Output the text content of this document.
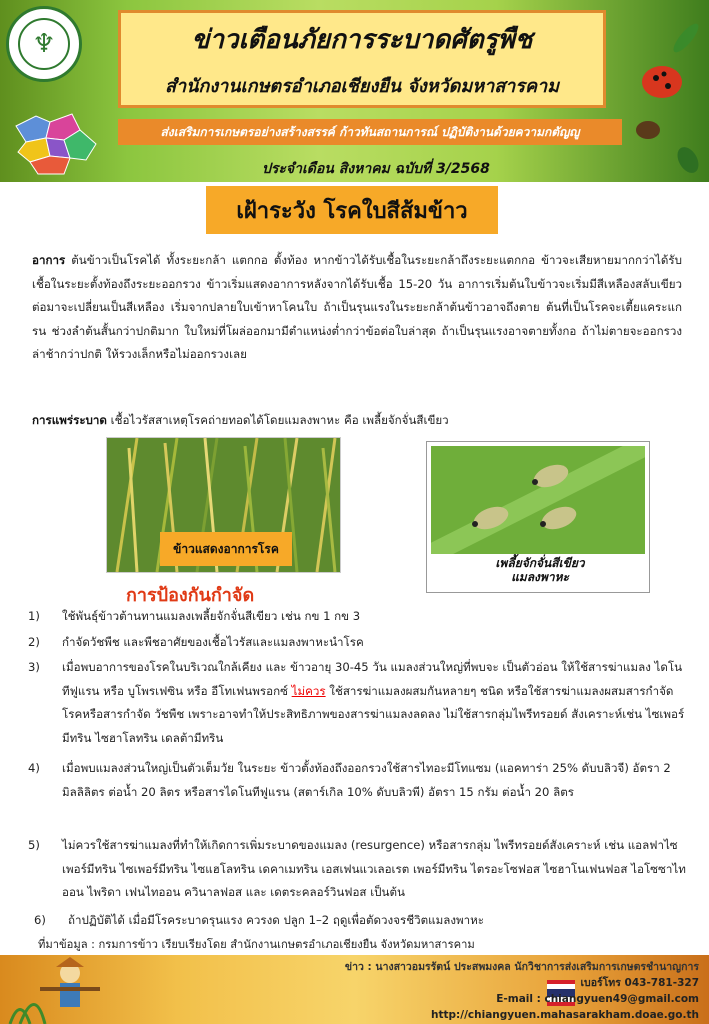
♆	ข่าวเตือนภัยการระบาดศัตรูพืช
สำนักงานเกษตรอำเภอเชียงยืน จังหวัดมหาสารคาม
ส่งเสริมการเกษตรอย่างสร้างสรรค์ ก้าวทันสถานการณ์ ปฏิบัติงานด้วยความกตัญญู
ประจำเดือน สิงหาคม ฉบับที่ 3/2568
เฝ้าระวัง โรคใบสีส้มข้าว

อาการ ต้นข้าวเป็นโรคได้ ทั้งระยะกล้า แตกกอ ตั้งท้อง หากข้าวได้รับเชื้อในระยะกล้าถึงระยะแตกกอ ข้าวจะเสียหายมากกว่าได้รับเชื้อในระยะตั้งท้องถึงระยะออกรวง ข้าวเริ่มแสดงอาการหลังจากได้รับเชื้อ 15-20 วัน อาการเริ่มต้นใบข้าวจะเริ่มมีสีเหลืองสลับเขียว ต่อมาจะเปลี่ยนเป็นสีเหลือง เริ่มจากปลายใบเข้าหาโคนใบ ถ้าเป็นรุนแรงในระยะกล้าต้นข้าวอาจถึงตาย ต้นที่เป็นโรคจะเตี้ยแคระแกรน ช่วงลำต้นสั้นกว่าปกติมาก ใบใหม่ที่โผล่ออกมามีตำแหน่งต่ำกว่าข้อต่อใบล่าสุด ถ้าเป็นรุนแรงอาจตายทั้งกอ ถ้าไม่ตายจะออกรวงล่าช้ากว่าปกติ ให้รวงเล็กหรือไม่ออกรวงเลย

การแพร่ระบาด เชื้อไวรัสสาเหตุโรคถ่ายทอดได้โดยแมลงพาหะ คือ เพลี้ยจักจั่นสีเขียว

ข้าวแสดงอาการโรค
เพลี้ยจักจั่นสีเขียว
แมลงพาหะ
การป้องกันกำจัด
1) ใช้พันธุ์ข้าวต้านทานแมลงเพลี้ยจักจั่นสีเขียว เช่น กข 1 กข 3
2) กำจัดวัชพืช และพืชอาศัยของเชื้อไวรัสและแมลงพาหะนำโรค
3) เมื่อพบอาการของโรคในบริเวณใกล้เคียง และ ข้าวอายุ 30-45 วัน แมลงส่วนใหญ่ที่พบจะ เป็นตัวอ่อน ให้ใช้สารฆ่าแมลง ไดโนทีฟูแรน หรือ บูโพรเฟซิน หรือ อีโทเฟนพรอกซ์ ไม่ควร ใช้สารฆ่าแมลงผสมกันหลายๆ ชนิด หรือใช้สารฆ่าแมลงผสมสารกำจัดโรคหรือสารกำจัด วัชพืช เพราะอาจทำให้ประสิทธิภาพของสารฆ่าแมลงลดลง ไม่ใช้สารกลุ่มไพรีทรอยด์ สังเคราะห์เช่น ไซเพอร์มีทริน ไซฮาโลทริน เดลต้ามีทริน
4) เมื่อพบแมลงส่วนใหญ่เป็นตัวเต็มวัย ในระยะ ข้าวตั้งท้องถึงออกรวงใช้สารไทอะมีโทแซม (แอคทาร่า 25% ดับบลิวจี) อัตรา 2 มิลลิลิตร ต่อน้ำ 20 ลิตร หรือสารไดโนทีฟูแรน (สตาร์เกิล 10% ดับบลิวพี) อัตรา 15 กรัม ต่อน้ำ 20 ลิตร
5) ไม่ควรใช้สารฆ่าแมลงที่ทำให้เกิดการเพิ่มระบาดของแมลง (resurgence) หรือสารกลุ่ม ไพรีทรอยด์สังเคราะห์ เช่น แอลฟาไซเพอร์มีทริน ไซเพอร์มีทริน ไซแฮโลทริน เดคาเมทริน เอสเฟนแวเลอเรต เพอร์มีทริน ไตรอะโซฟอส ไซฮาโนเฟนฟอส ไอโซซาไทออน ไพริดา เฟนไทออน ควินาลฟอส และ เดตระคลอร์วินฟอส เป็นต้น
6) ถ้าปฏิบัติได้ เมื่อมีโรคระบาดรุนแรง ควรงด ปลูก 1–2 ฤดูเพื่อตัดวงจรชีวิตแมลงพาหะ
ที่มาข้อมูล : กรมการข้าว เรียบเรียงโดย สำนักงานเกษตรอำเภอเชียงยืน จังหวัดมหาสารคาม
ข่าว : นางสาวอมรรัตน์ ประสพมงคล นักวิชาการส่งเสริมการเกษตรชำนาญการ
เบอร์โทร 043-781-327
E-mail : chiangyuen49@gmail.com
http://chiangyuen.mahasarakham.doae.go.th
